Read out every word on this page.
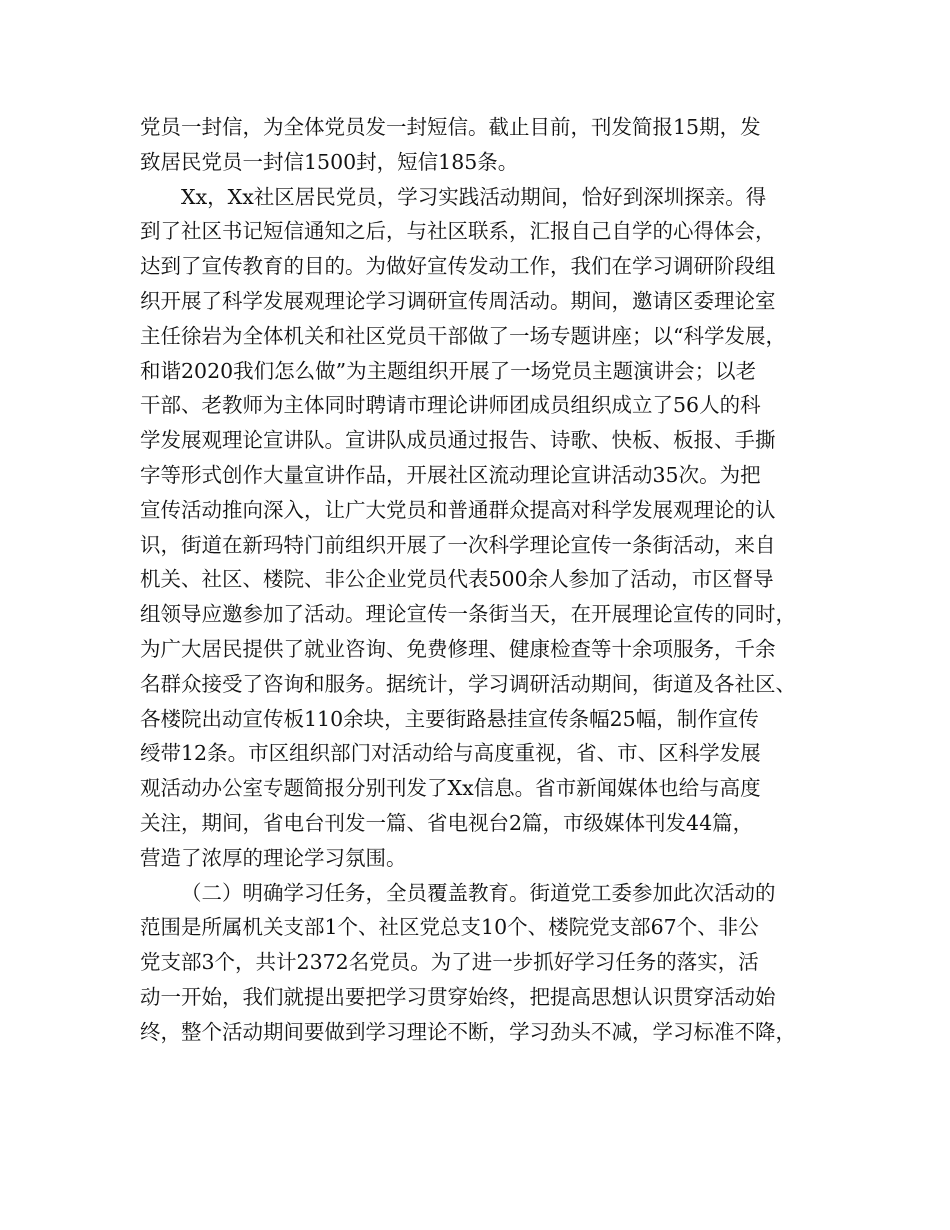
党员一封信，为全体党员发一封短信。截止目前，刊发简报15期，发
致居民党员一封信1500封，短信185条。
Xx，Xx社区居民党员，学习实践活动期间，恰好到深圳探亲。得
到了社区书记短信通知之后，与社区联系，汇报自己自学的心得体会，
达到了宣传教育的目的。为做好宣传发动工作，我们在学习调研阶段组
织开展了科学发展观理论学习调研宣传周活动。期间，邀请区委理论室
主任徐岩为全体机关和社区党员干部做了一场专题讲座；以“科学发展，
和谐2020我们怎么做”为主题组织开展了一场党员主题演讲会；以老
干部、老教师为主体同时聘请市理论讲师团成员组织成立了56人的科
学发展观理论宣讲队。宣讲队成员通过报告、诗歌、快板、板报、手撕
字等形式创作大量宣讲作品，开展社区流动理论宣讲活动35次。为把
宣传活动推向深入，让广大党员和普通群众提高对科学发展观理论的认
识，街道在新玛特门前组织开展了一次科学理论宣传一条街活动，来自
机关、社区、楼院、非公企业党员代表500余人参加了活动，市区督导
组领导应邀参加了活动。理论宣传一条街当天，在开展理论宣传的同时，
为广大居民提供了就业咨询、免费修理、健康检查等十余项服务，千余
名群众接受了咨询和服务。据统计，学习调研活动期间，街道及各社区、
各楼院出动宣传板110余块，主要街路悬挂宣传条幅25幅，制作宣传
绶带12条。市区组织部门对活动给与高度重视，省、市、区科学发展
观活动办公室专题简报分别刊发了Xx信息。省市新闻媒体也给与高度
关注，期间，省电台刊发一篇、省电视台2篇，市级媒体刊发44篇，
营造了浓厚的理论学习氛围。
（二）明确学习任务，全员覆盖教育。街道党工委参加此次活动的
范围是所属机关支部1个、社区党总支10个、楼院党支部67个、非公
党支部3个，共计2372名党员。为了进一步抓好学习任务的落实，活
动一开始，我们就提出要把学习贯穿始终，把提高思想认识贯穿活动始
终，整个活动期间要做到学习理论不断，学习劲头不减，学习标准不降，
